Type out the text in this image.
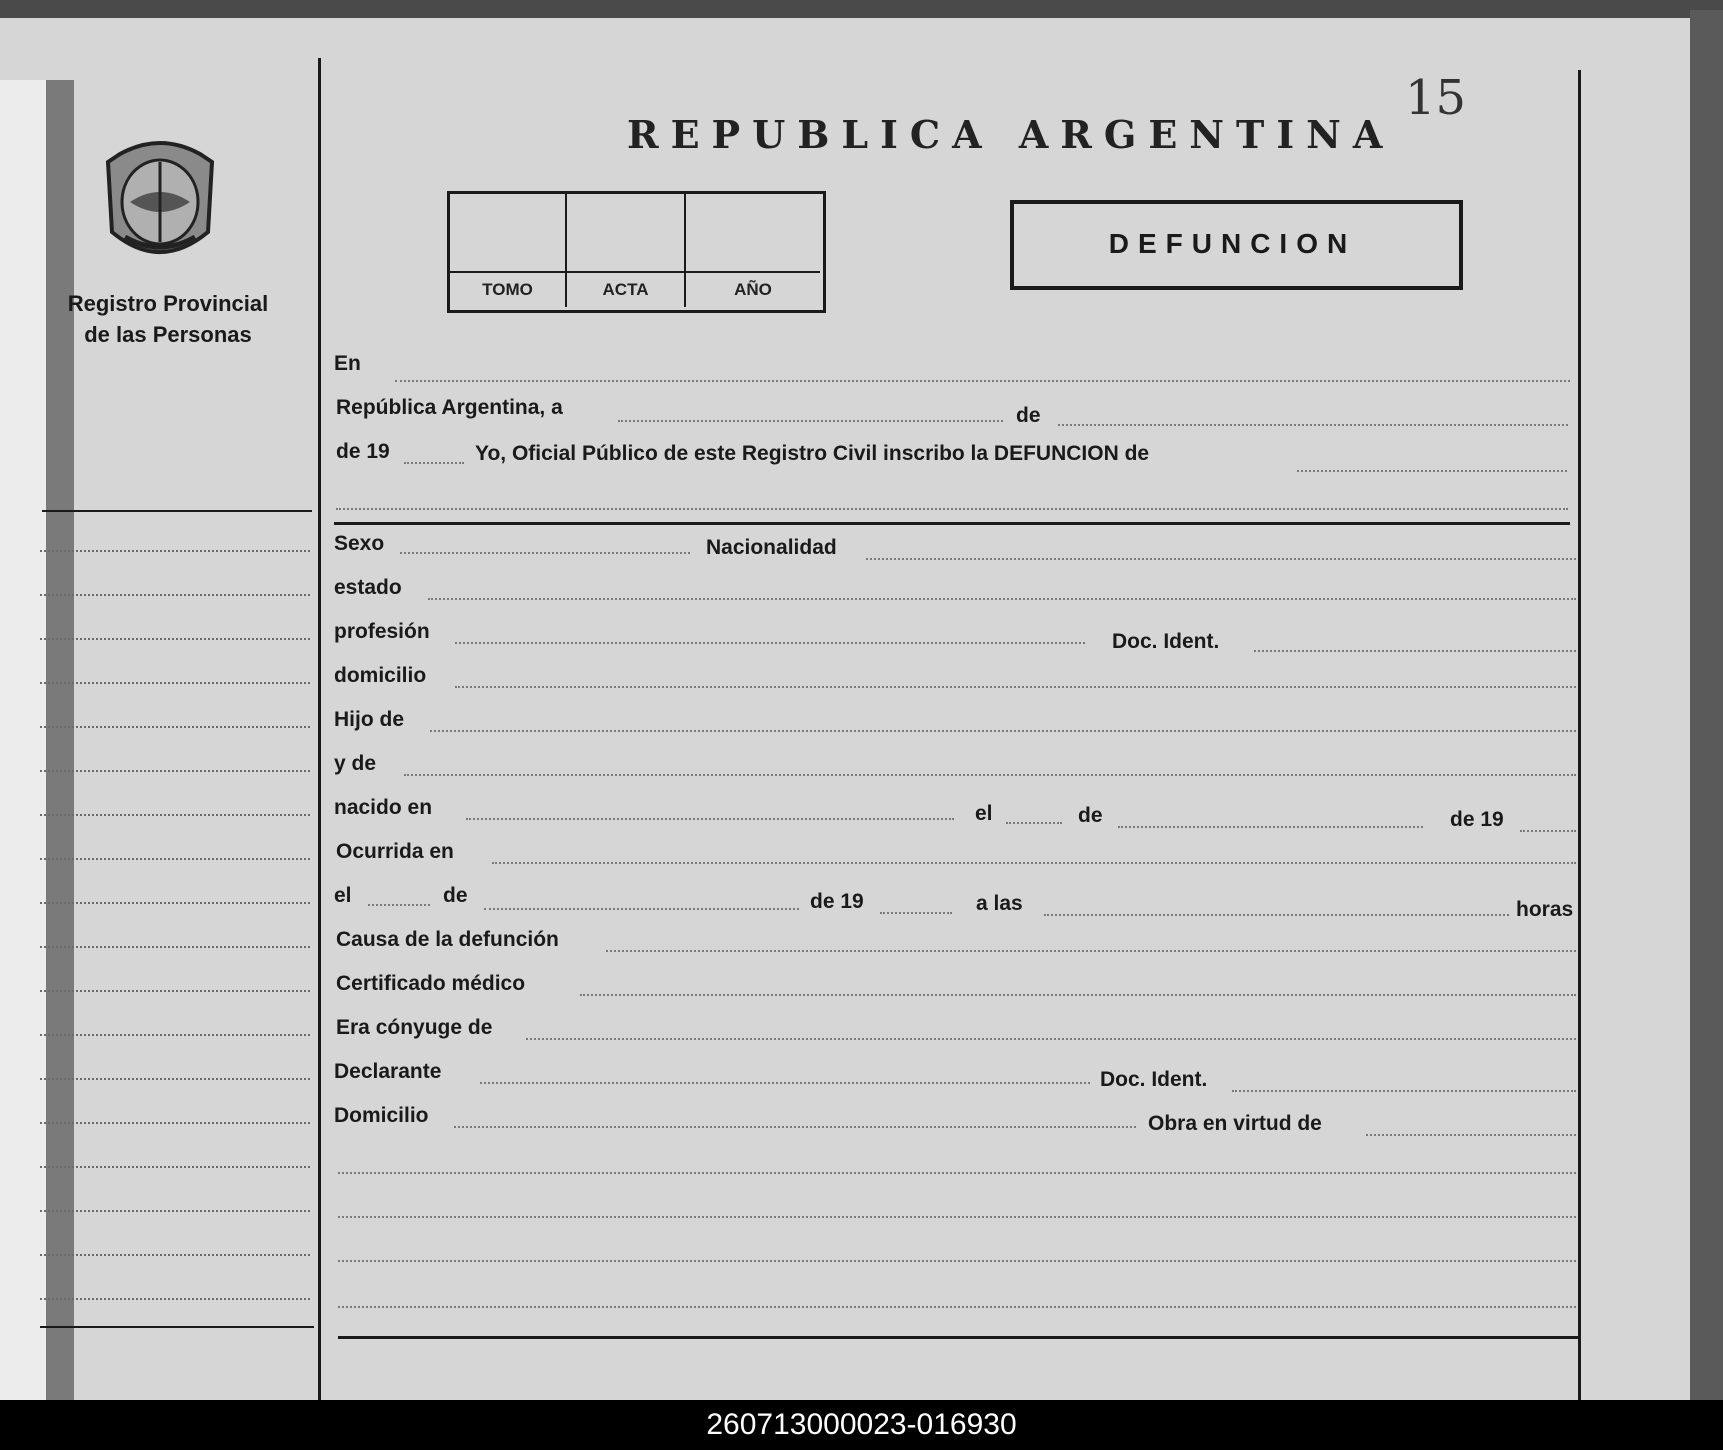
Registro Provincial de las Personas
REPUBLICA ARGENTINA
15
TOMO	ACTA	AÑO
DEFUNCION
En
República Argentina, a	de
de 19	Yo, Oficial Público de este Registro Civil inscribo la DEFUNCION de
Sexo	Nacionalidad
estado
profesión	Doc. Ident.
domicilio
Hijo de
y de
nacido en	el	de	de 19
Ocurrida en
el	de	de 19	a las	horas
Causa de la defunción
Certificado médico
Era cónyuge de
Declarante	Doc. Ident.
Domicilio	Obra en virtud de
260713000023-016930
